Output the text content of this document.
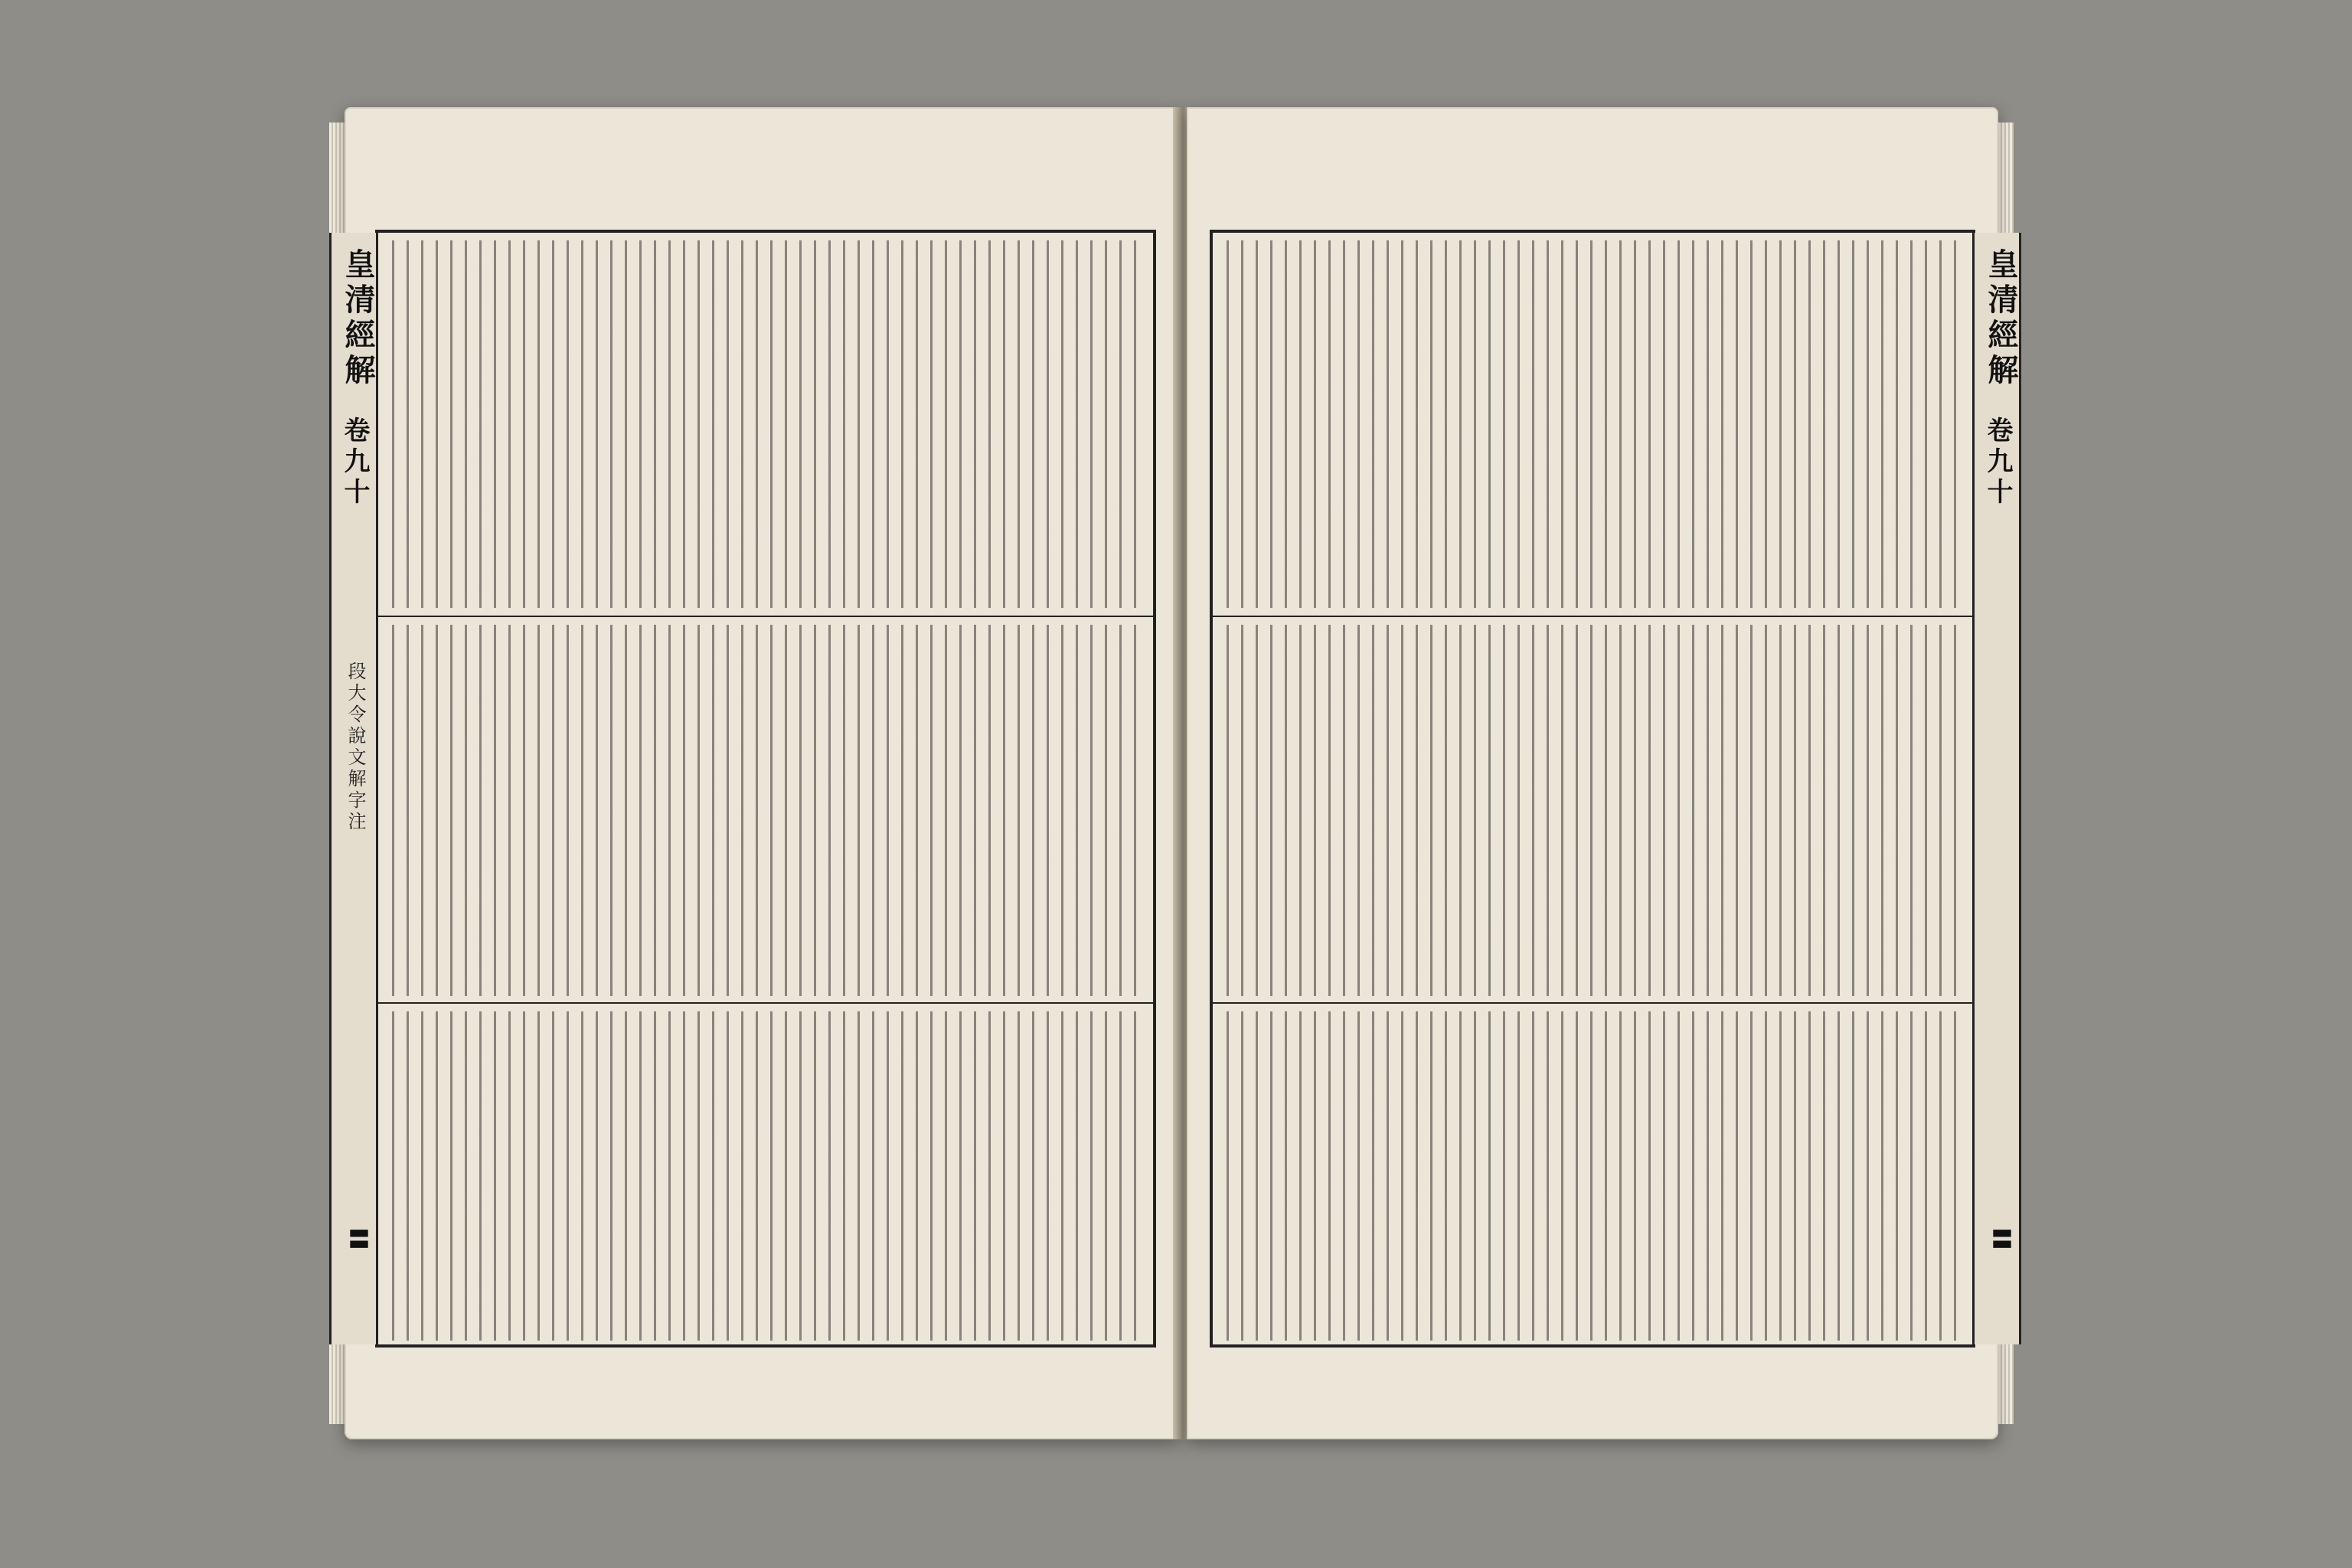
皇清經解
卷九十
段大令說文解字注
〓
皇清經解
卷九十
〓
